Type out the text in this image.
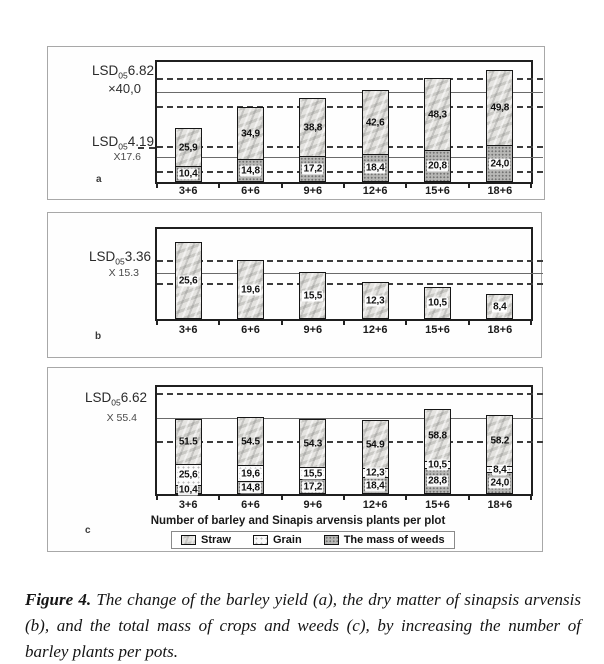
$LSD_{05}6.82$
×40,0
$LSD_{05}4.19$
X17.6
a
25,9
10,4
34,9
14,8
38,8
17,2
42,6
18,4
48,3
20,8
49,8
24,0
3+6	6+6	9+6	12+6	15+6	18+6
$LSD_{05}3.36$
X 15.3
b
25,6
19,6
15,5	12,3	10,5	8,4
3+6	6+6	9+6	12+6	15+6	18+6
$LSD_{05}6.62$
X 55.4
c
51.5
25,6
10,4
54.5
19,6
14,8
54.3
15,5
17,2
54.9
12,3
18,4
58.8
10,5
28,8
58.2
8,4
24,0
Number of barley and Sinapis arvensis plants per plot
Straw	Grain	The mass of weeds
3+6	6+6	9+6	12+6	15+6	18+6

Figure 4. The change of the barley yield (a), the dry matter of sinapsis arvensis (b), and the total mass of crops and weeds (c), by increasing the number of barley plants per pots.
